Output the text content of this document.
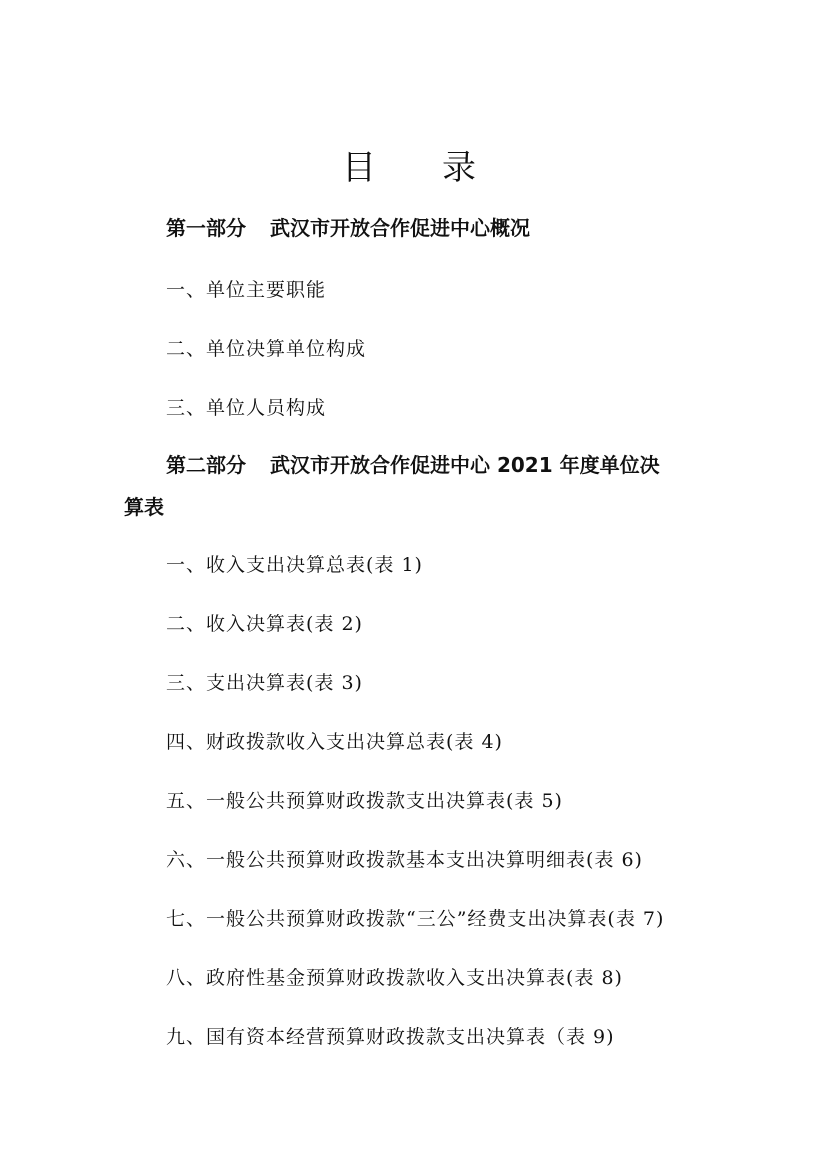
目 录
第一部分 武汉市开放合作促进中心概况
一、单位主要职能
二、单位决算单位构成
三、单位人员构成
第二部分 武汉市开放合作促进中心 2021 年度单位决
算表
一、收入支出决算总表(表 1)
二、收入决算表(表 2)
三、支出决算表(表 3)
四、财政拨款收入支出决算总表(表 4)
五、一般公共预算财政拨款支出决算表(表 5)
六、一般公共预算财政拨款基本支出决算明细表(表 6)
七、一般公共预算财政拨款“三公”经费支出决算表(表 7)
八、政府性基金预算财政拨款收入支出决算表(表 8)
九、国有资本经营预算财政拨款支出决算表（表 9)
